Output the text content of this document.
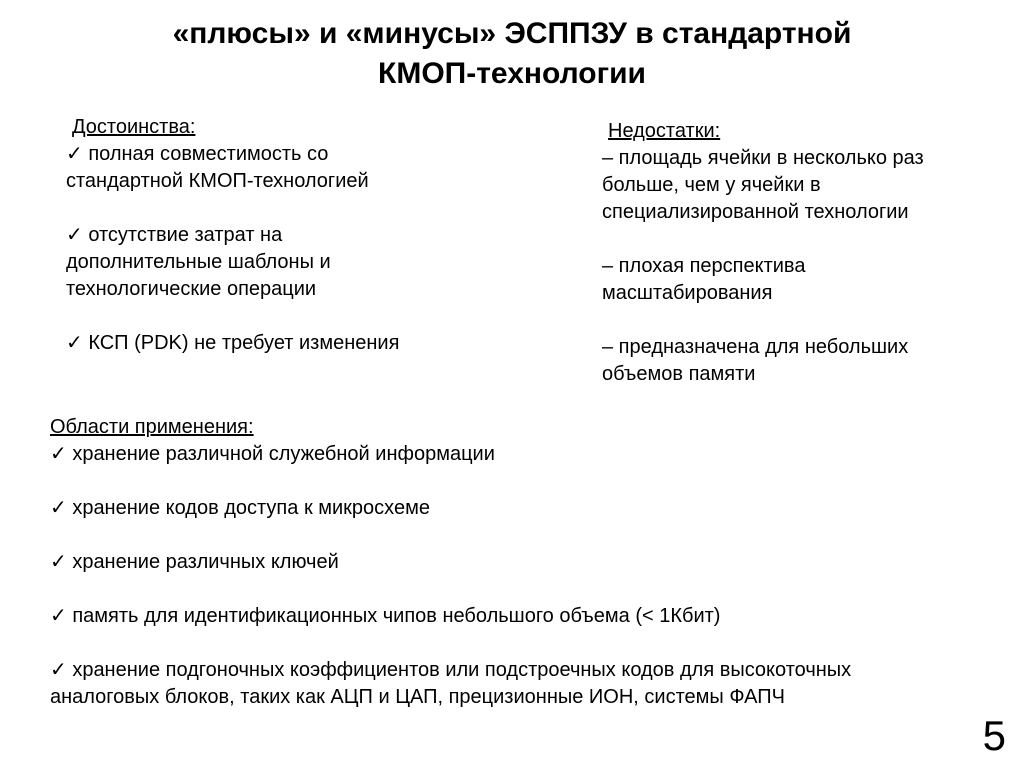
«плюсы» и «минусы» ЭСППЗУ в стандартной
КМОП-технологии
Достоинства:
✓ полная совместимость со
стандартной КМОП-технологией
✓ отсутствие затрат на
дополнительные шаблоны и
технологические операции
✓ КСП (PDK) не требует изменения
Недостатки:
– площадь ячейки в несколько раз
больше, чем у ячейки в
специализированной технологии
– плохая перспектива
масштабирования
– предназначена для небольших
объемов памяти
Области применения:
✓ хранение различной служебной информации
✓ хранение кодов доступа к микросхеме
✓ хранение различных ключей
✓ память для идентификационных чипов небольшого объема (< 1Кбит)
✓ хранение подгоночных коэффициентов или подстроечных кодов для высокоточных
аналоговых блоков, таких как АЦП и ЦАП, прецизионные ИОН, системы ФАПЧ
5
